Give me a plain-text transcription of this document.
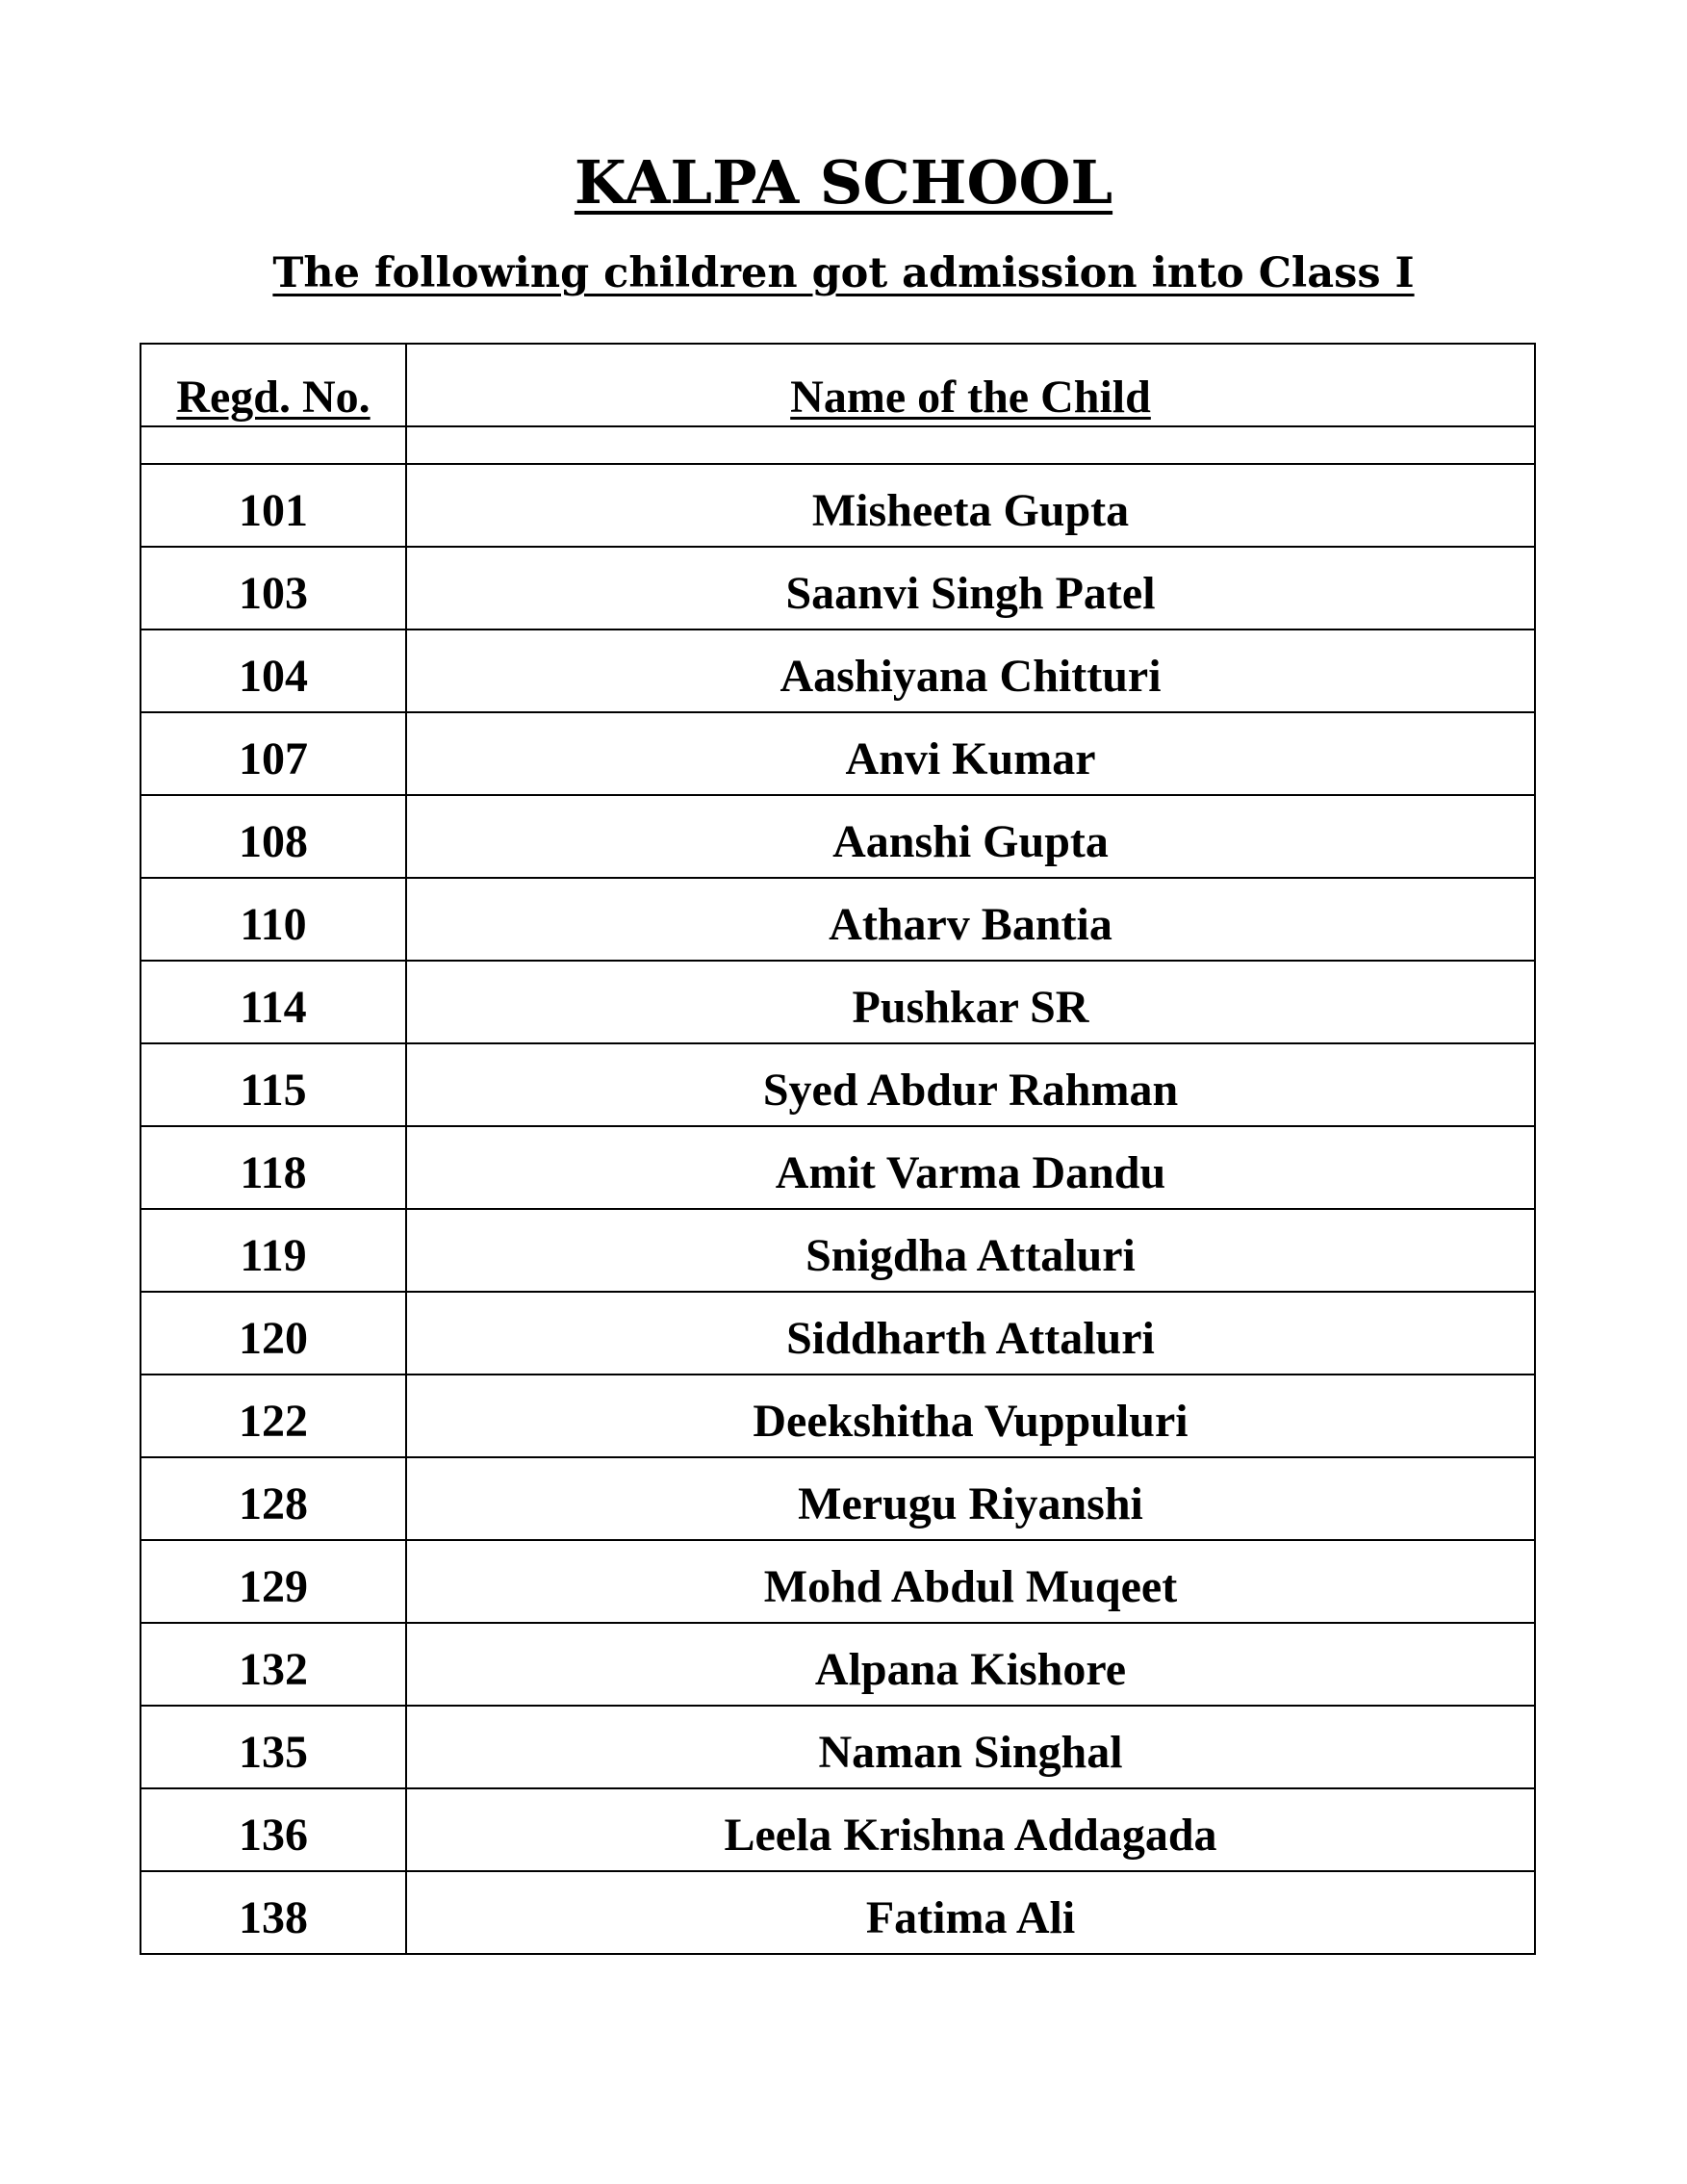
KALPA SCHOOL
The following children got admission into Class I
Regd. No.	Name of the Child

101	Misheeta Gupta
103	Saanvi Singh Patel
104	Aashiyana Chitturi
107	Anvi Kumar
108	Aanshi Gupta
110	Atharv Bantia
114	Pushkar SR
115	Syed Abdur Rahman
118	Amit Varma Dandu
119	Snigdha Attaluri
120	Siddharth Attaluri
122	Deekshitha Vuppuluri
128	Merugu Riyanshi
129	Mohd Abdul Muqeet
132	Alpana Kishore
135	Naman Singhal
136	Leela Krishna Addagada
138	Fatima Ali
